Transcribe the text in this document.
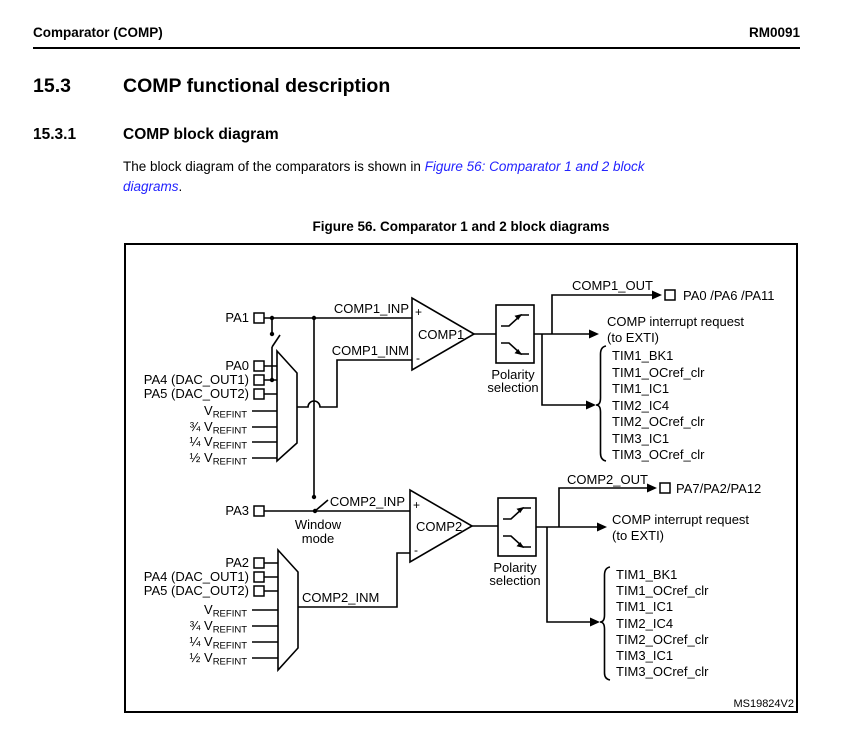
Comparator (COMP)	RM0091
15.3	COMP functional description
15.3.1	COMP block diagram
The block diagram of the comparators is shown in Figure 56: Comparator 1 and 2 block
diagrams.
Figure 56. Comparator 1 and 2 block diagrams
PA1
COMP1_INP
COMP1_INM
+
-
COMP1
PA0
PA4 (DAC_OUT1)
PA5 (DAC_OUT2)
VREFINT
¾ VREFINT
¼ VREFINT
½ VREFINT
Polarity
selection
COMP1_OUT
PA0 /PA6 /PA11
COMP interrupt request
(to EXTI)
TIM1_BK1
TIM1_OCref_clr
TIM1_IC1
TIM2_IC4
TIM2_OCref_clr
TIM3_IC1
TIM3_OCref_clr
PA3
Window
mode
COMP2_INP
COMP2_INM
+
-
COMP2
PA2
PA4 (DAC_OUT1)
PA5 (DAC_OUT2)
VREFINT
¾ VREFINT
¼ VREFINT
½ VREFINT
Polarity
selection
COMP2_OUT
PA7/PA2/PA12
COMP interrupt request
(to EXTI)
TIM1_BK1
TIM1_OCref_clr
TIM1_IC1
TIM2_IC4
TIM2_OCref_clr
TIM3_IC1
TIM3_OCref_clr
MS19824V2
